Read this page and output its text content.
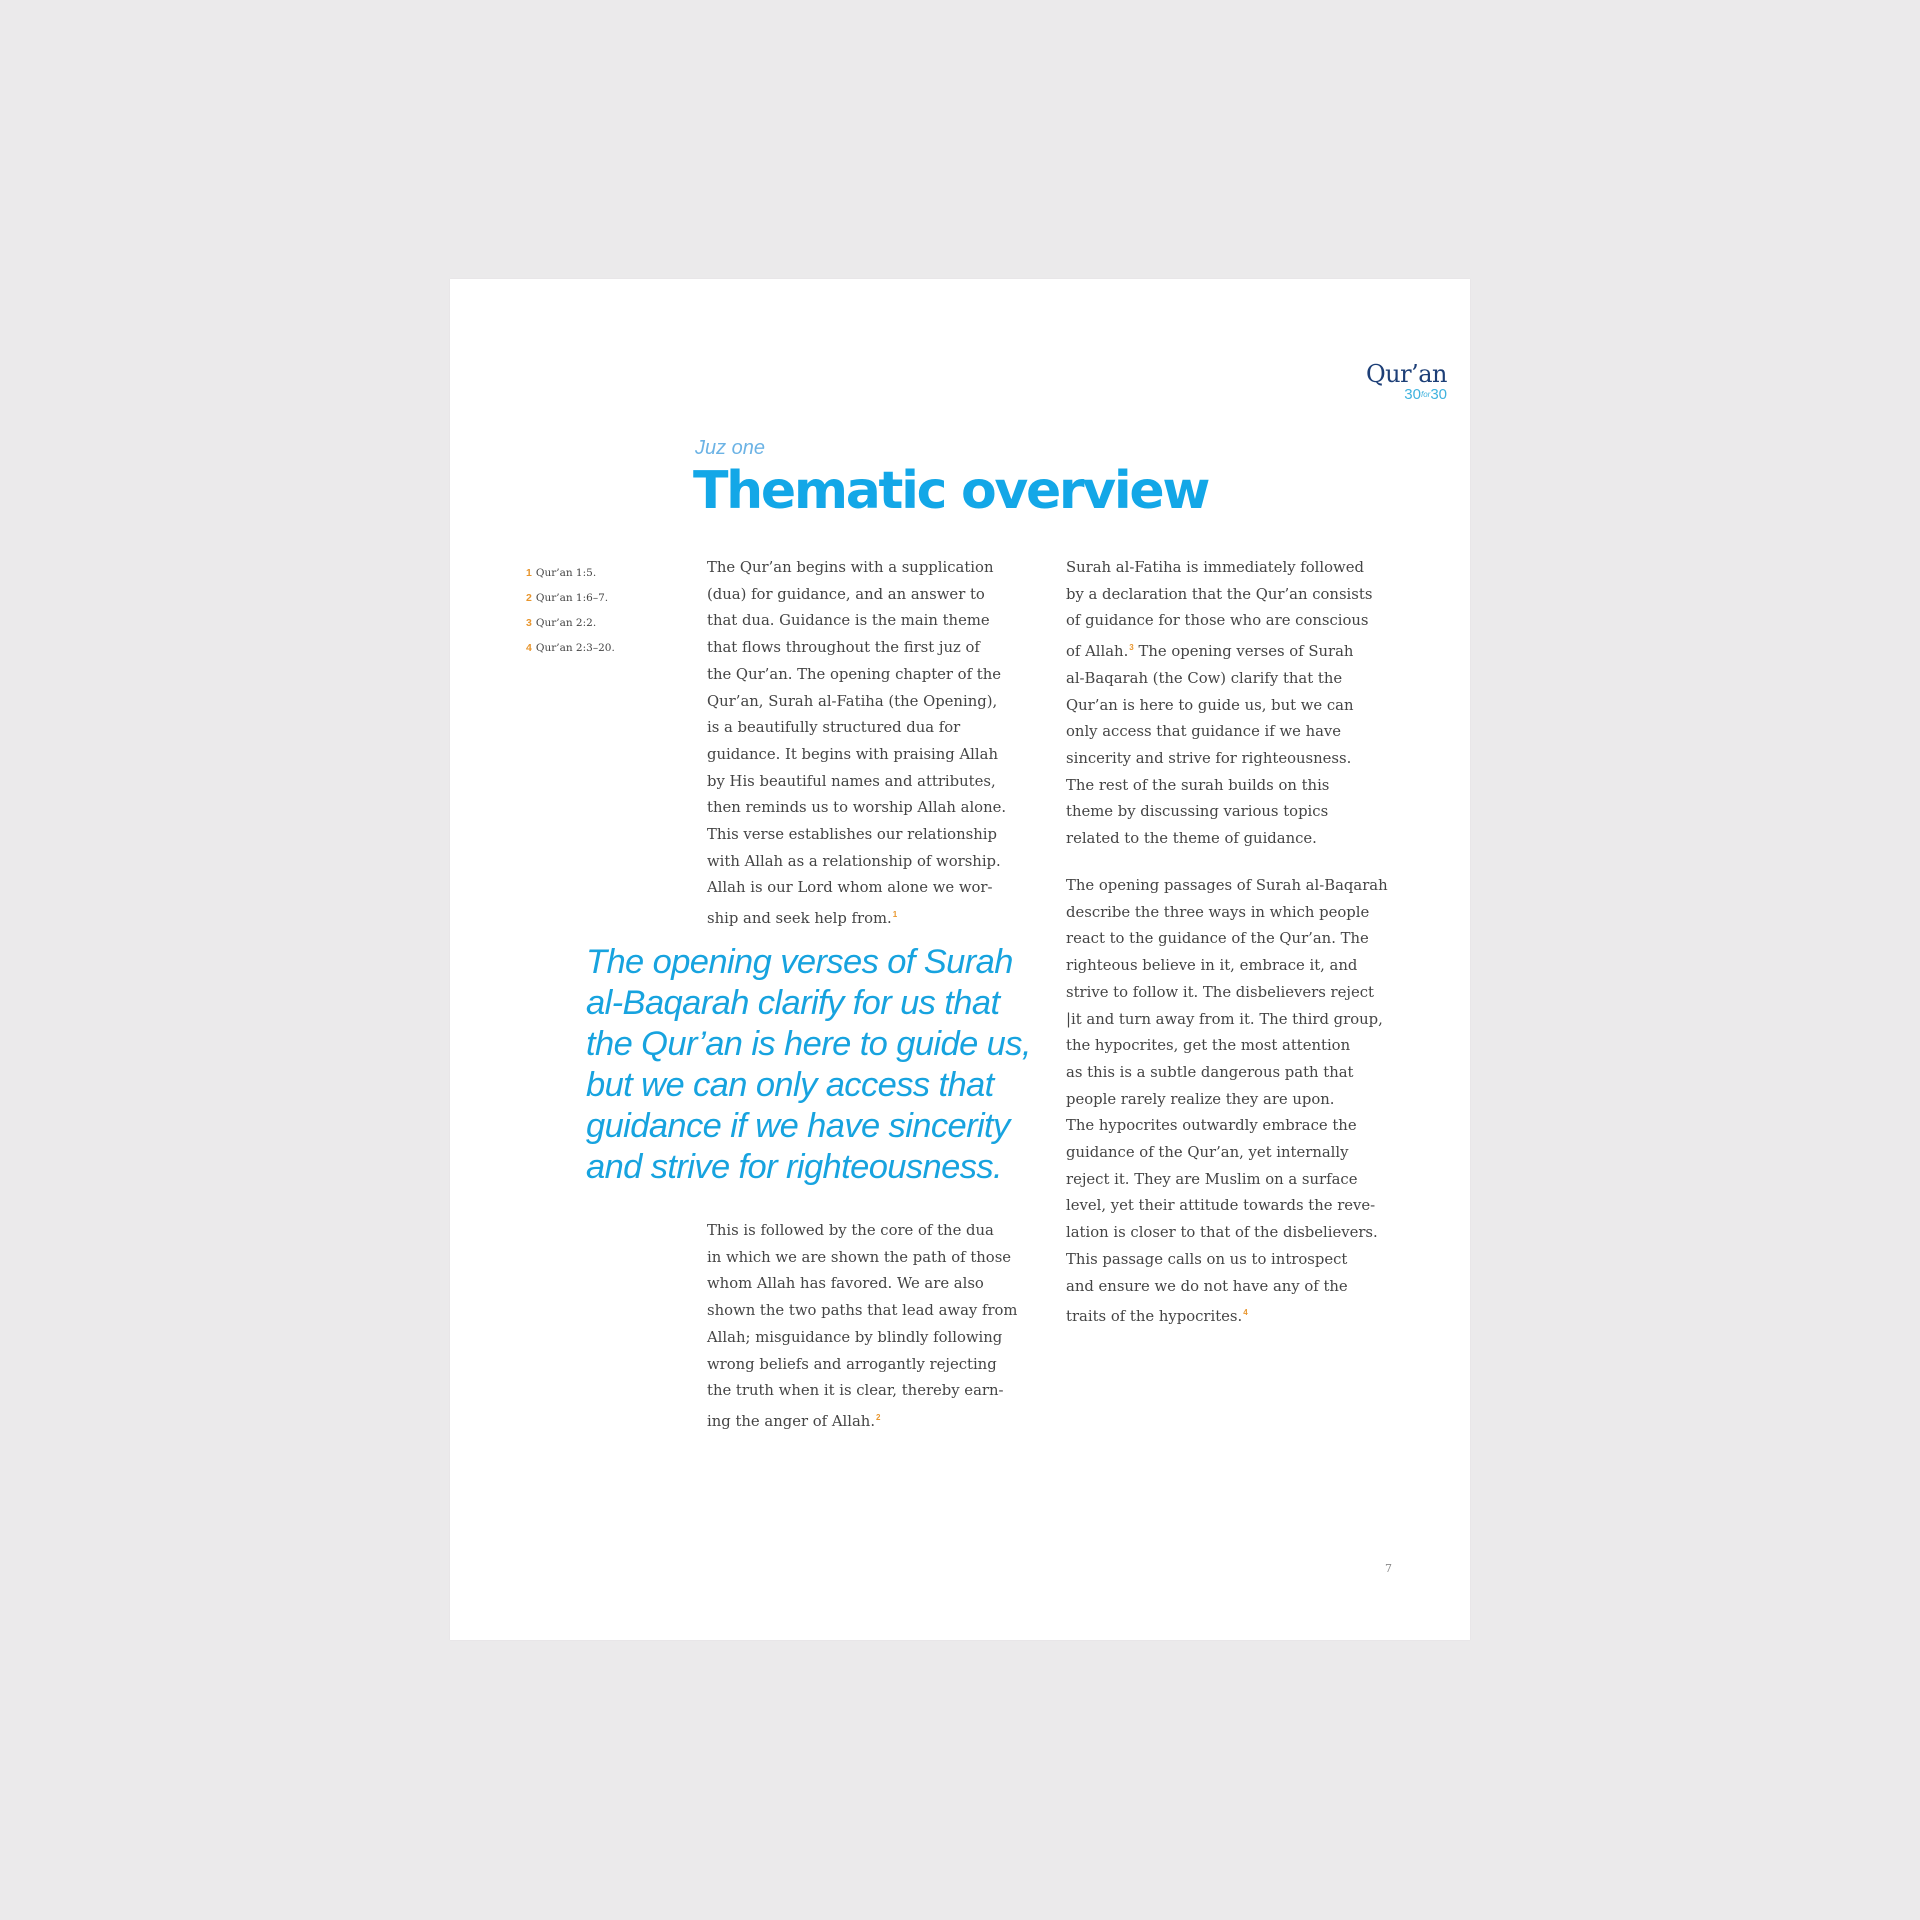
Qur’an
30for30
Juz one
Thematic overview
1 Qur’an 1:5.
2 Qur’an 1:6–7.
3 Qur’an 2:2.
4 Qur’an 2:3–20.

The Qur’an begins with a supplication
(dua) for guidance, and an answer to
that dua. Guidance is the main theme
that flows throughout the first juz of
the Qur’an. The opening chapter of the
Qur’an, Surah al-Fatiha (the Opening),
is a beautifully structured dua for
guidance. It begins with praising Allah
by His beautiful names and attributes,
then reminds us to worship Allah alone.
This verse establishes our relationship
with Allah as a relationship of worship.
Allah is our Lord whom alone we wor-
ship and seek help from.$^1$

The opening verses of Surah
al-Baqarah clarify for us that
the Qur’an is here to guide us,
but we can only access that
guidance if we have sincerity
and strive for righteousness.

This is followed by the core of the dua
in which we are shown the path of those
whom Allah has favored. We are also
shown the two paths that lead away from
Allah; misguidance by blindly following
wrong beliefs and arrogantly rejecting
the truth when it is clear, thereby earn-
ing the anger of Allah.$^2$

Surah al-Fatiha is immediately followed
by a declaration that the Qur’an consists
of guidance for those who are conscious
of Allah.$^3$ The opening verses of Surah
al-Baqarah (the Cow) clarify that the
Qur’an is here to guide us, but we can
only access that guidance if we have
sincerity and strive for righteousness.
The rest of the surah builds on this
theme by discussing various topics
related to the theme of guidance.

The opening passages of Surah al-Baqarah
describe the three ways in which people
react to the guidance of the Qur’an. The
righteous believe in it, embrace it, and
strive to follow it. The disbelievers reject
|it and turn away from it. The third group,
the hypocrites, get the most attention
as this is a subtle dangerous path that
people rarely realize they are upon.
The hypocrites outwardly embrace the
guidance of the Qur’an, yet internally
reject it. They are Muslim on a surface
level, yet their attitude towards the reve-
lation is closer to that of the disbelievers.
This passage calls on us to introspect
and ensure we do not have any of the
traits of the hypocrites.$^4$

7
